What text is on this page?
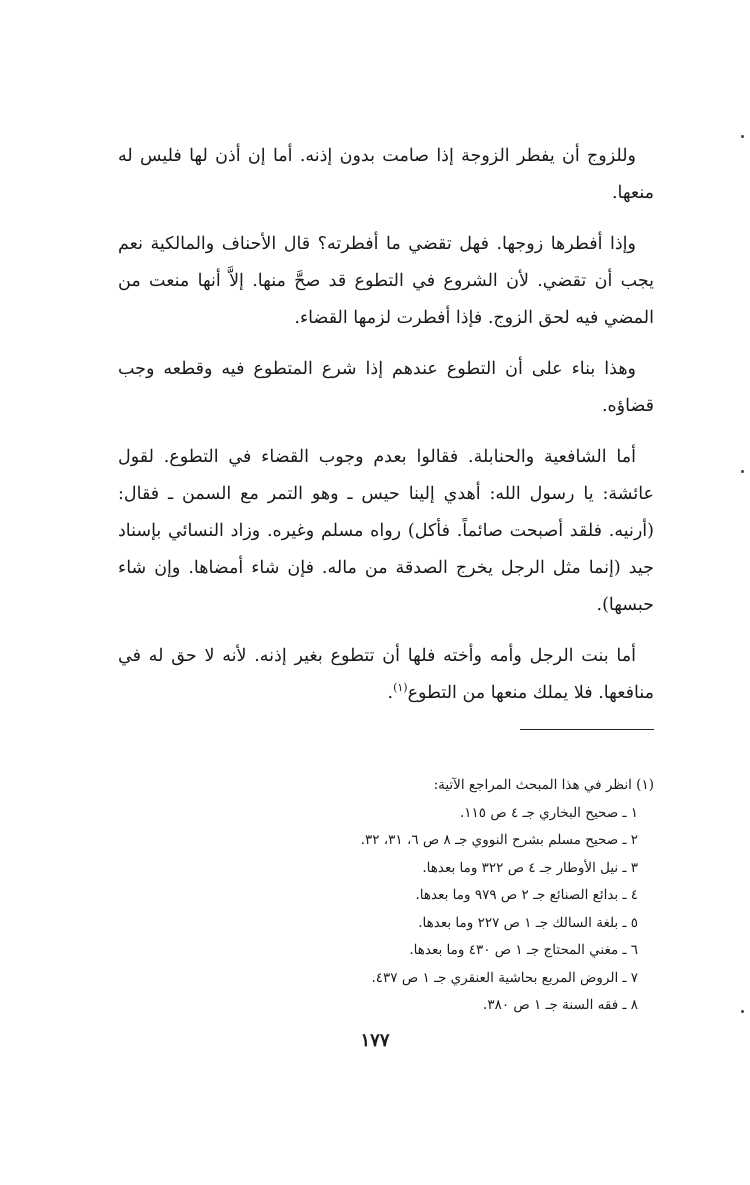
وللزوج أن يفطر الزوجة إذا صامت بدون إذنه. أما إن أذن لها فليس له منعها.

وإذا أفطرها زوجها. فهل تقضي ما أفطرته؟ قال الأحناف والمالكية نعم يجب أن تقضي. لأن الشروع في التطوع قد صحَّ منها. إلاَّ أنها منعت من المضي فيه لحق الزوج. فإذا أفطرت لزمها القضاء.

وهذا بناء على أن التطوع عندهم إذا شرع المتطوع فيه وقطعه وجب قضاؤه.

أما الشافعية والحنابلة. فقالوا بعدم وجوب القضاء في التطوع. لقول عائشة: يا رسول الله: أهدي إلينا حيس ـ وهو التمر مع السمن ـ فقال: (أرنيه. فلقد أصبحت صائماً. فأكل) رواه مسلم وغيره. وزاد النسائي بإسناد جيد (إنما مثل الرجل يخرج الصدقة من ماله. فإن شاء أمضاها. وإن شاء حبسها).

أما بنت الرجل وأمه وأخته فلها أن تتطوع بغير إذنه. لأنه لا حق له في منافعها. فلا يملك منعها من التطوع$^{(١)}$.

(١) انظر في هذا المبحث المراجع الآتية:
١ ـ صحيح البخاري جـ ٤ ص ١١٥.
٢ ـ صحيح مسلم بشرح النووي جـ ٨ ص ٦، ٣١، ٣٢.
٣ ـ نيل الأوطار جـ ٤ ص ٣٢٢ وما بعدها.
٤ ـ بدائع الصنائع جـ ٢ ص ٩٧٩ وما بعدها.
٥ ـ بلغة السالك جـ ١ ص ٢٢٧ وما بعدها.
٦ ـ مغني المحتاج جـ ١ ص ٤٣٠ وما بعدها.
٧ ـ الروض المربع بحاشية العنقري جـ ١ ص ٤٣٧.
٨ ـ فقه السنة جـ ١ ص ٣٨٠.
١٧٧
